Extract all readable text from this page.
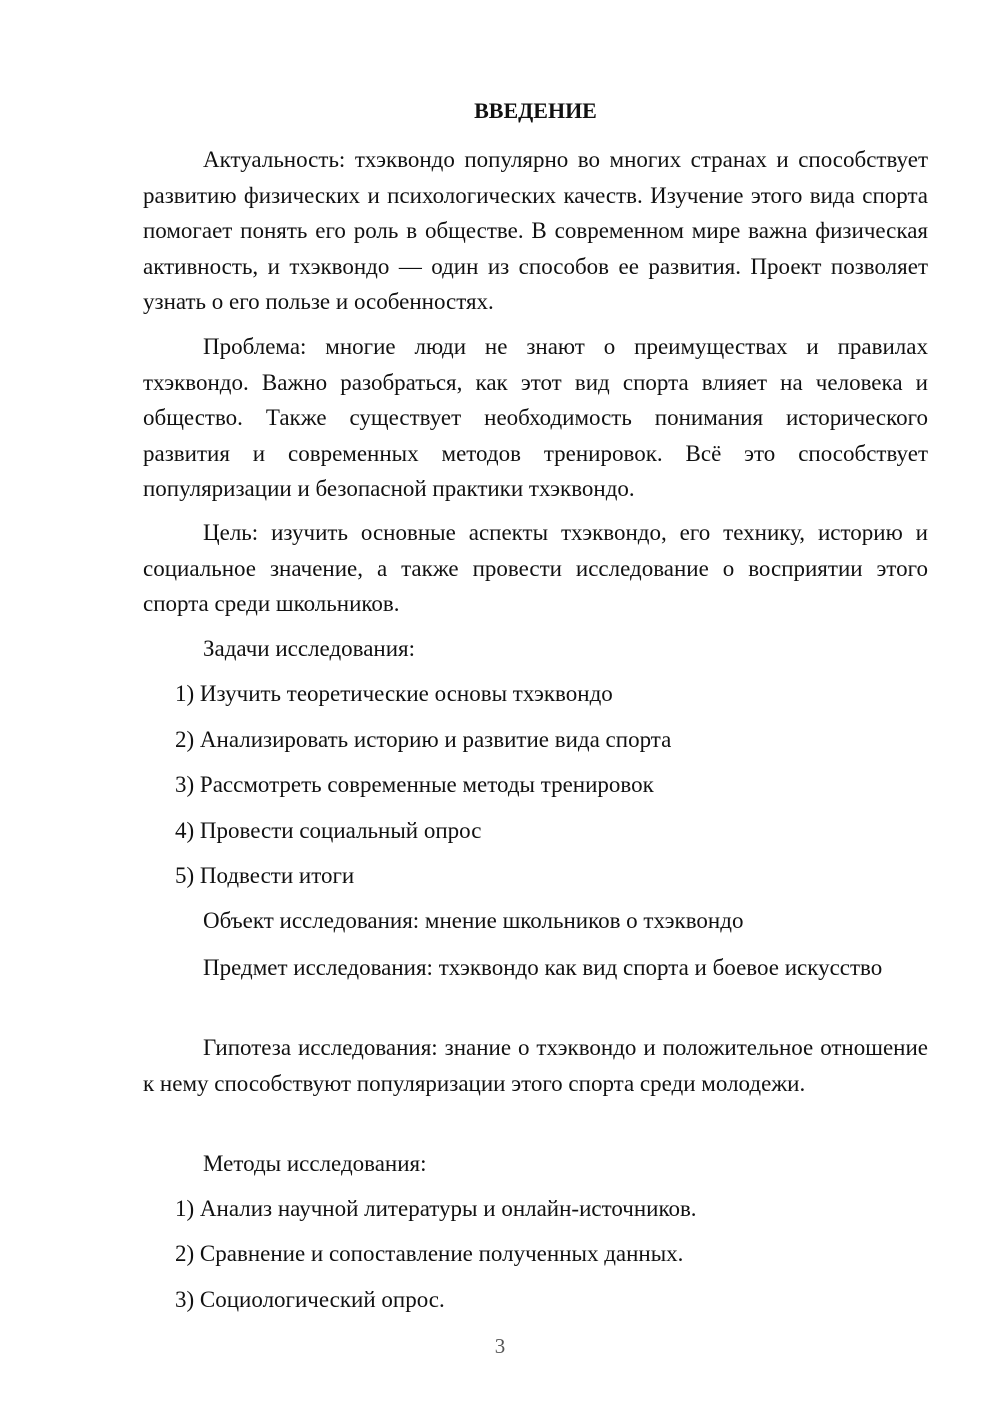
ВВЕДЕНИЕ

Актуальность: тхэквондо популярно во многих странах и способствует развитию физических и психологических качеств. Изучение этого вида спорта помогает понять его роль в обществе. В современном мире важна физическая активность, и тхэквондо — один из способов ее развития. Проект позволяет узнать о его пользе и особенностях.

Проблема: многие люди не знают о преимуществах и правилах тхэквондо. Важно разобраться, как этот вид спорта влияет на человека и общество. Также существует необходимость понимания исторического развития и современных методов тренировок. Всё это способствует популяризации и безопасной практики тхэквондо.

Цель: изучить основные аспекты тхэквондо, его технику, историю и социальное значение, а также провести исследование о восприятии этого спорта среди школьников.

Задачи исследования:

1) Изучить теоретические основы тхэквондо

2) Анализировать историю и развитие вида спорта

3) Рассмотреть современные методы тренировок

4) Провести социальный опрос

5) Подвести итоги

Объект исследования: мнение школьников о тхэквондо

Предмет исследования: тхэквондо как вид спорта и боевое искусство

Гипотеза исследования: знание о тхэквондо и положительное отношение к нему способствуют популяризации этого спорта среди молодежи.

Методы исследования:

1) Анализ научной литературы и онлайн-источников.

2) Сравнение и сопоставление полученных данных.

3) Социологический опрос.

3
